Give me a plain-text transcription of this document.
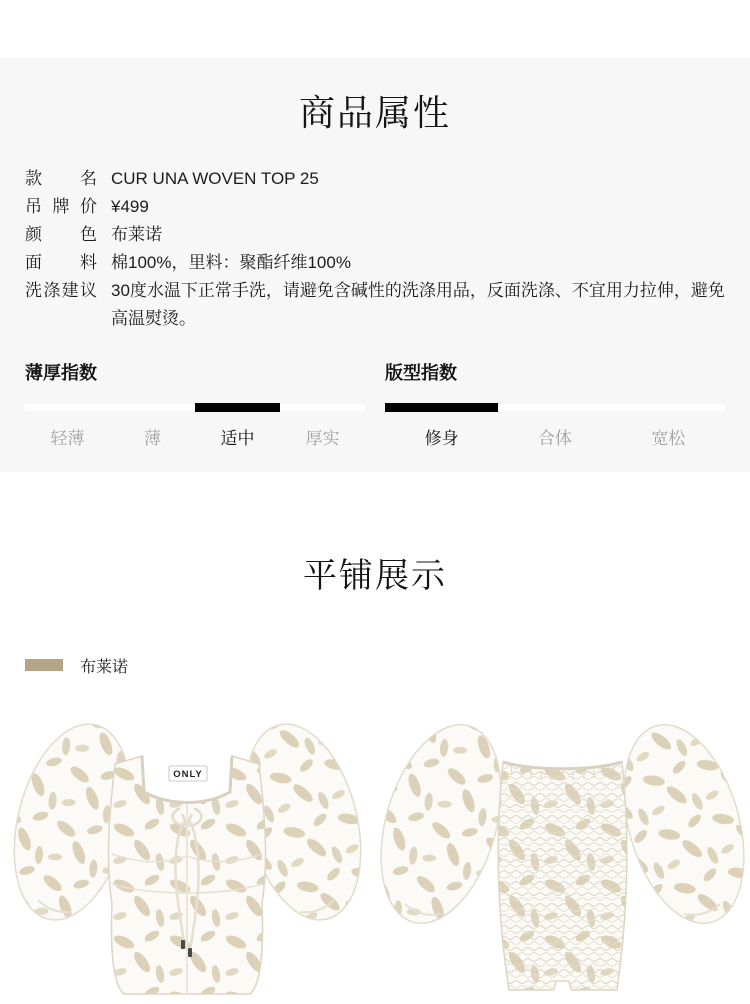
商品属性
款名 CUR UNA WOVEN TOP 25
吊牌价 ¥499
颜色 布莱诺
面料 棉100%，里料：聚酯纤维100%
洗涤建议 30度水温下正常手洗，请避免含碱性的洗涤用品，反面洗涤、不宜用力拉伸，避免高温熨烫。
薄厚指数
轻薄	薄	适中	厚实
版型指数
修身	合体	宽松
平铺展示
布莱诺
ONLY
